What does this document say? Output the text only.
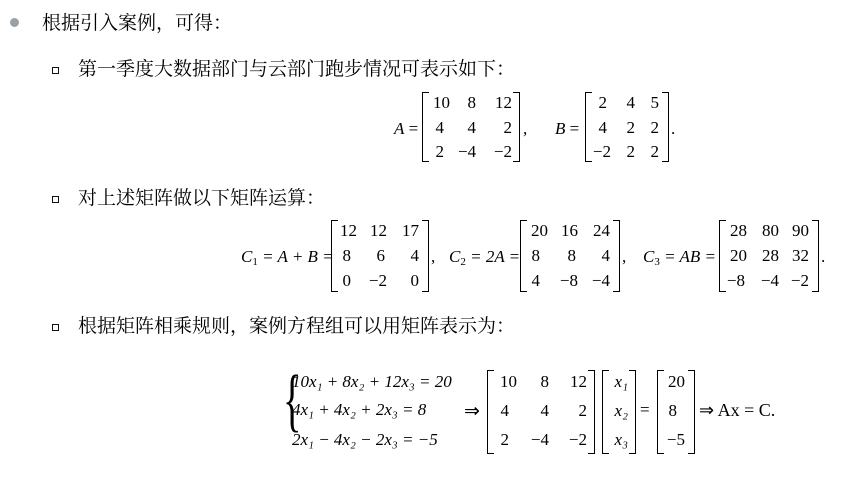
根据引入案例，可得：
第一季度大数据部门与云部门跑步情况可表示如下：
A =
10	8	12
4	4	2
2 −4	−2
, B =
2	4 5
4	2 2
−2 2 2
.
对上述矩阵做以下矩阵运算：
$C_1 = A + B$ =
12 12 17
8	6	4
0 −2	0
, $C_2 = 2A$ =
20 16 24
8	8	4
4 −8 −4
, $C_3$ = AB =
28 80 90
20 28 32
−8 −4 −2
.
根据矩阵相乘规则，案例方程组可以用矩阵表示为：
{
10x₁ + 8x₂ + 12x₃ = 20
4x₁ + 4x₂ + 2x₃ = 8
2x₁ − 4x₂ − 2x₃ = −5
⇒
10	8	12
4	4	2
2	−4	−2
x₁
x₂
x₃
=
20
8
−5
⇒ Ax = C.
